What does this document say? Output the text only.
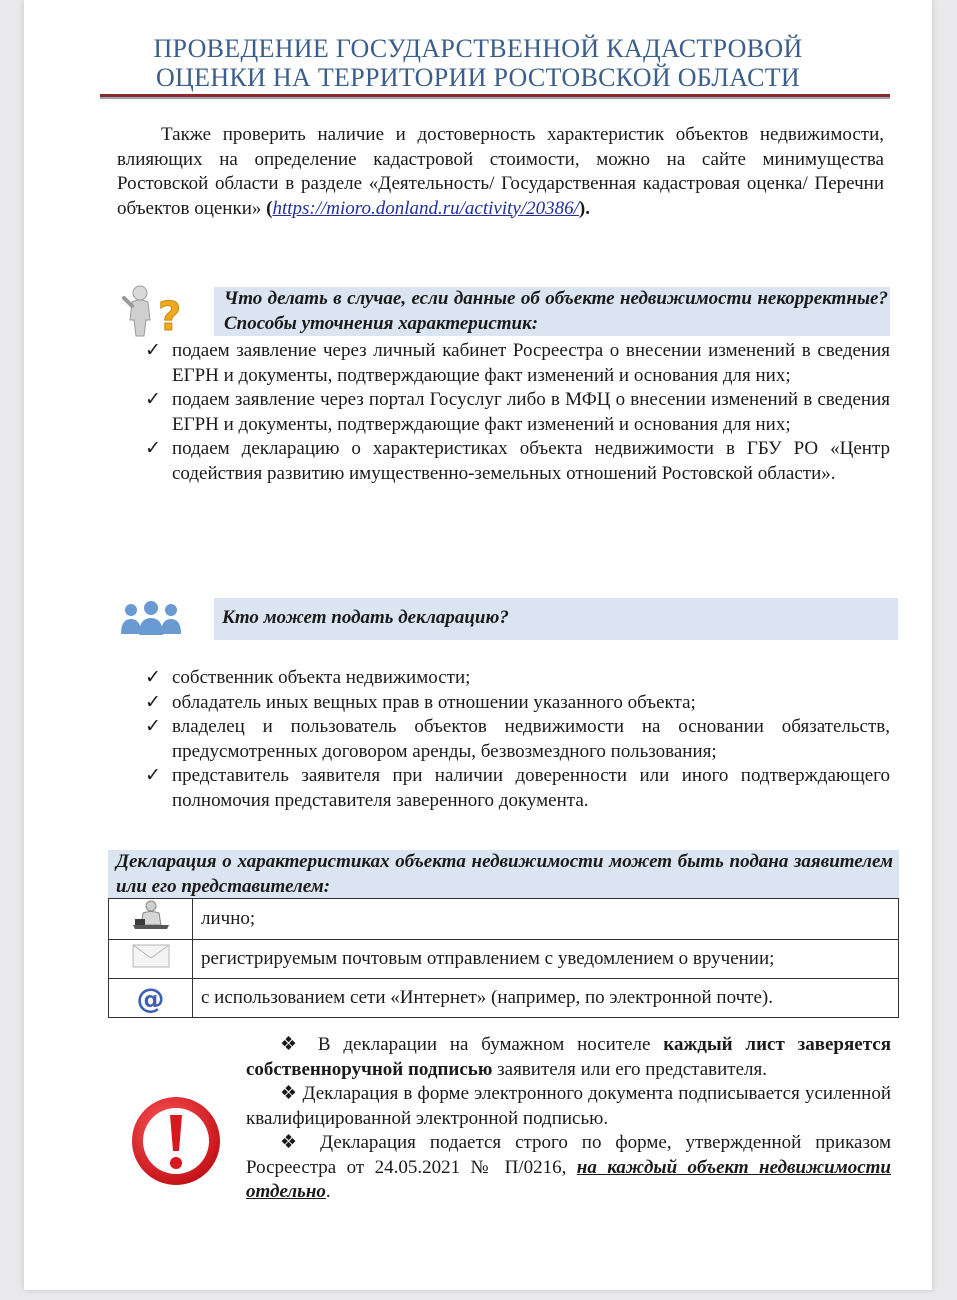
ПРОВЕДЕНИЕ ГОСУДАРСТВЕННОЙ КАДАСТРОВОЙ
ОЦЕНКИ НА ТЕРРИТОРИИ РОСТОВСКОЙ ОБЛАСТИ

Также проверить наличие и достоверность характеристик объектов недвижимости, влияющих на определение кадастровой стоимости, можно на сайте минимущества Ростовской области в разделе «Деятельность/ Государственная кадастровая оценка/ Перечни объектов оценки» (https://mioro.donland.ru/activity/20386/).

?	Что делать в случае, если данные об объекте недвижимости некорректные? Способы уточнения характеристик:
✓ подаем заявление через личный кабинет Росреестра о внесении изменений в сведения ЕГРН и документы, подтверждающие факт изменений и основания для них;
✓ подаем заявление через портал Госуслуг либо в МФЦ о внесении изменений в сведения ЕГРН и документы, подтверждающие факт изменений и основания для них;
✓ подаем декларацию о характеристиках объекта недвижимости в ГБУ РО «Центр содействия развитию имущественно-земельных отношений Ростовской области».
Кто может подать декларацию?
✓ собственник объекта недвижимости;
✓ обладатель иных вещных прав в отношении указанного объекта;
✓ владелец и пользователь объектов недвижимости на основании обязательств, предусмотренных договором аренды, безвозмездного пользования;
✓ представитель заявителя при наличии доверенности или иного подтверждающего полномочия представителя заверенного документа.
Декларация о характеристиках объекта недвижимости может быть подана заявителем или его представителем:
	лично;
	регистрируемым почтовым отправлением с уведомлением о вручении;
@	с использованием сети «Интернет» (например, по электронной почте).

❖ В декларации на бумажном носителе каждый лист заверяется собственноручной подписью заявителя или его представителя.

❖ Декларация в форме электронного документа подписывается усиленной квалифицированной электронной подписью.

❖ Декларация подается строго по форме, утвержденной приказом Росреестра от 24.05.2021 № П/0216, на каждый объект недвижимости отдельно.
